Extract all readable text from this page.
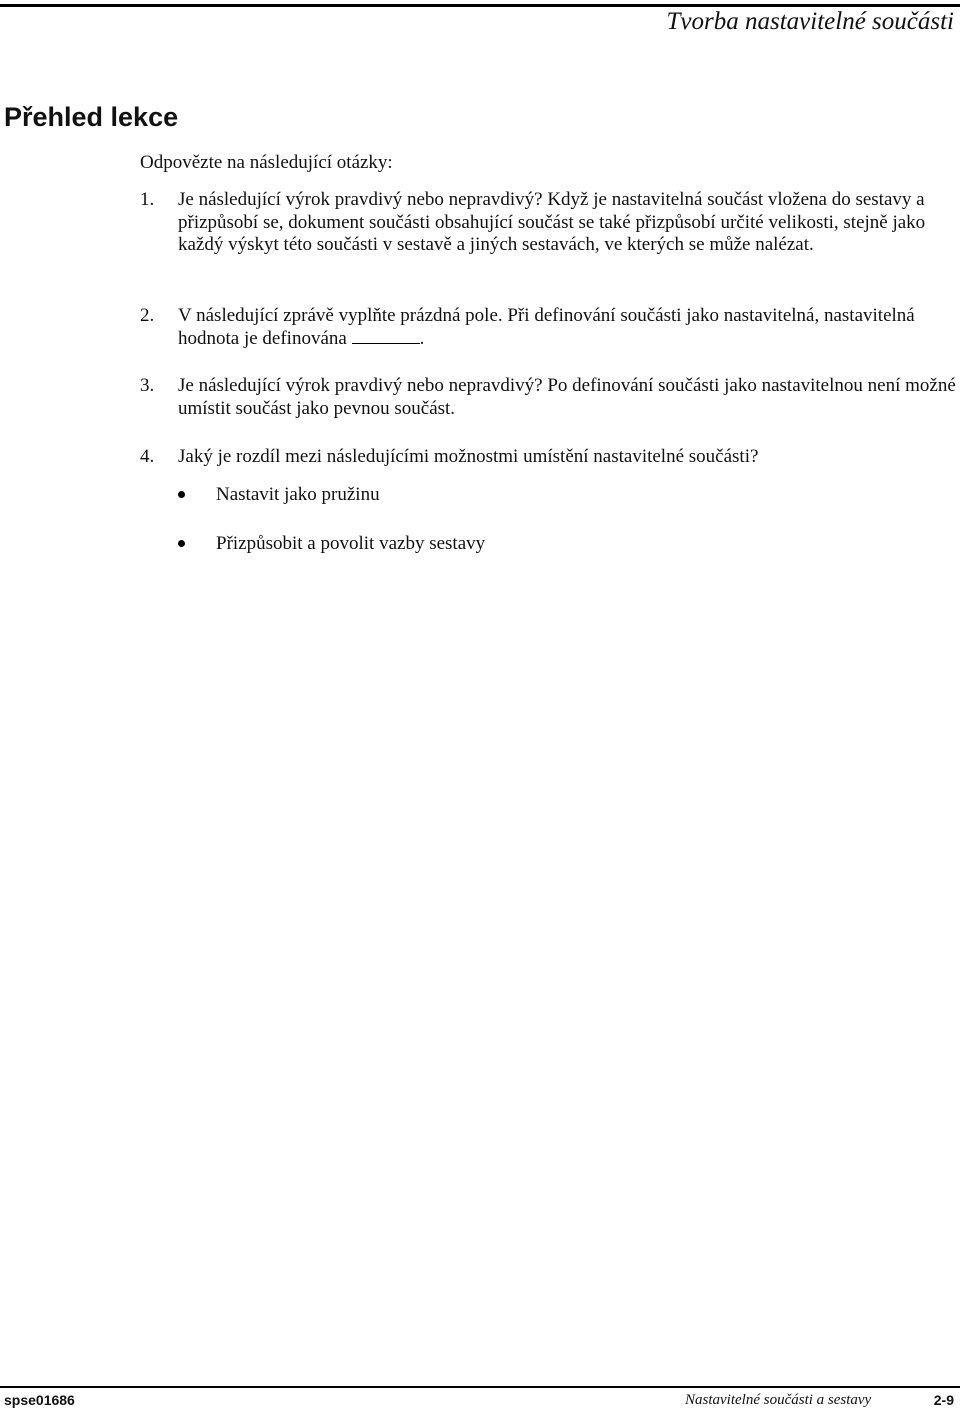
Tvorba nastavitelné součásti
Přehled lekce
Odpovězte na následující otázky:
1. Je následující výrok pravdivý nebo nepravdivý? Když je nastavitelná součást vložena do sestavy a přizpůsobí se, dokument součásti obsahující součást se také přizpůsobí určité velikosti, stejně jako každý výskyt této součásti v sestavě a jiných sestavách, ve kterých se může nalézat.
2. V následující zprávě vyplňte prázdná pole. Při definování součásti jako nastavitelná, nastavitelná hodnota je definována	.
3. Je následující výrok pravdivý nebo nepravdivý? Po definování součásti jako nastavitelnou není možné umístit součást jako pevnou součást.
4. Jaký je rozdíl mezi následujícími možnostmi umístění nastavitelné součásti?
Nastavit jako pružinu
Přizpůsobit a povolit vazby sestavy
spse01686	Nastavitelné součásti a sestavy	2-9
